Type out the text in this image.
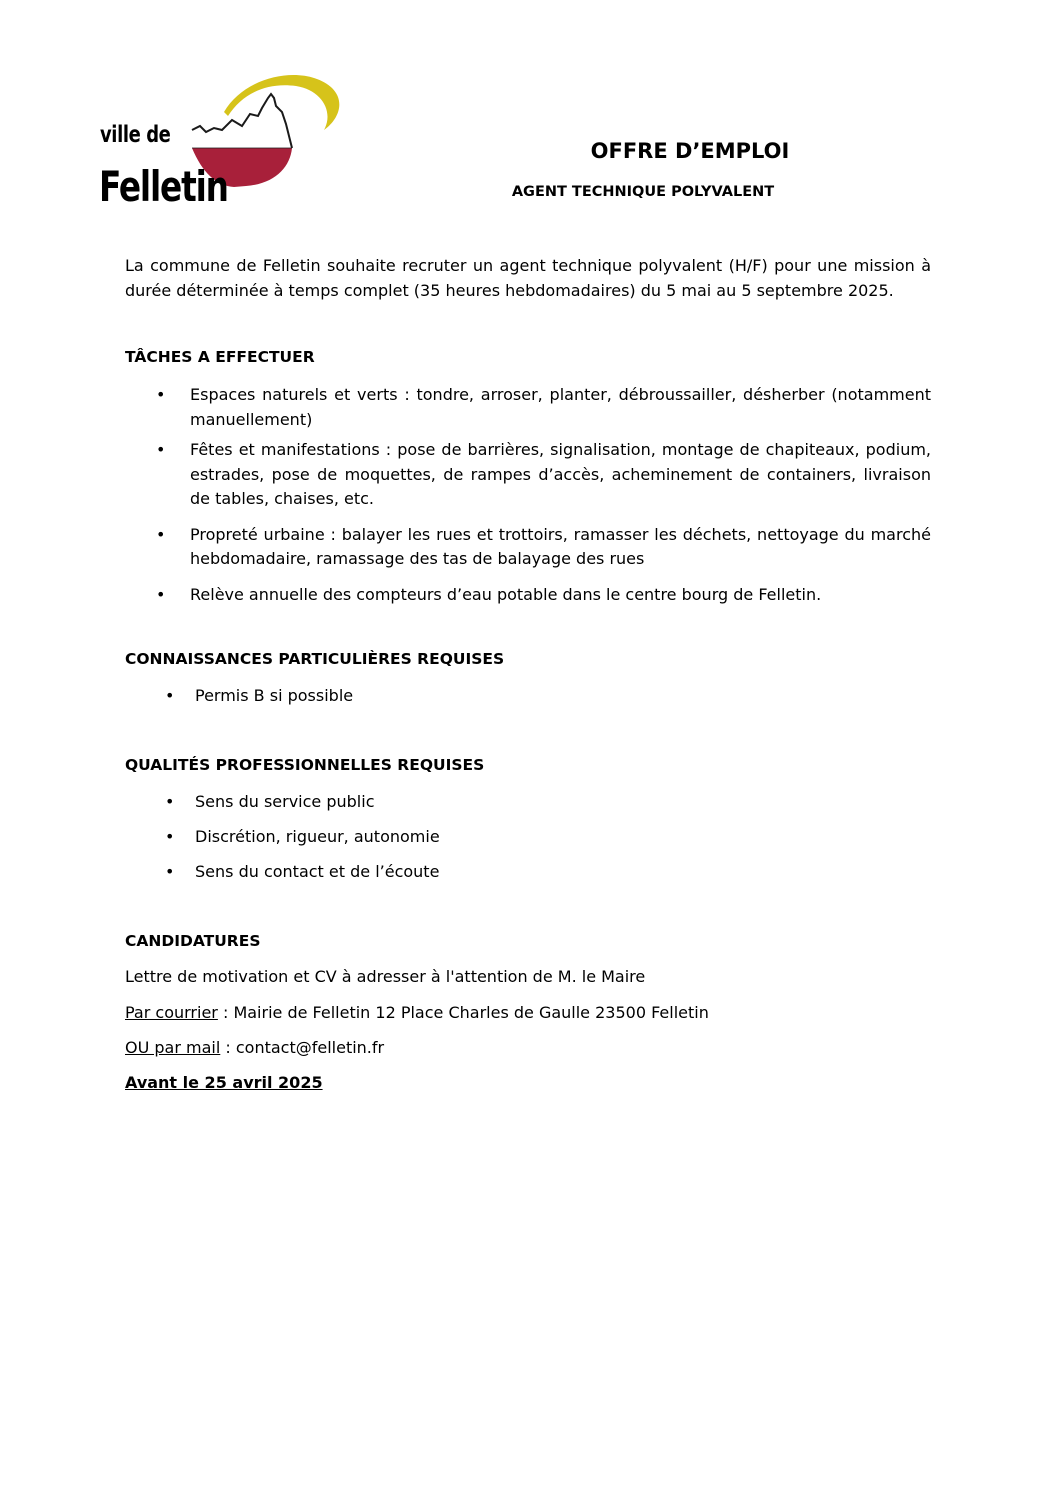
ville de
Felletin
OFFRE D’EMPLOI
AGENT TECHNIQUE POLYVALENT

La commune de Felletin souhaite recruter un agent technique polyvalent (H/F) pour une mission à durée déterminée à temps complet (35 heures hebdomadaires) du 5 mai au 5 septembre 2025.

TÂCHES A EFFECTUER
• Espaces naturels et verts : tondre, arroser, planter, débroussailler, désherber (notamment manuellement)
• Fêtes et manifestations : pose de barrières, signalisation, montage de chapiteaux, podium, estrades, pose de moquettes, de rampes d’accès, acheminement de containers, livraison de tables, chaises, etc.
• Propreté urbaine : balayer les rues et trottoirs, ramasser les déchets, nettoyage du marché hebdomadaire, ramassage des tas de balayage des rues
• Relève annuelle des compteurs d’eau potable dans le centre bourg de Felletin.
CONNAISSANCES PARTICULIÈRES REQUISES
• Permis B si possible
QUALITÉS PROFESSIONNELLES REQUISES
• Sens du service public
• Discrétion, rigueur, autonomie
• Sens du contact et de l’écoute
CANDIDATURES
Lettre de motivation et CV à adresser à l'attention de M. le Maire
Par courrier : Mairie de Felletin 12 Place Charles de Gaulle 23500 Felletin
OU par mail : contact@felletin.fr
Avant le 25 avril 2025
